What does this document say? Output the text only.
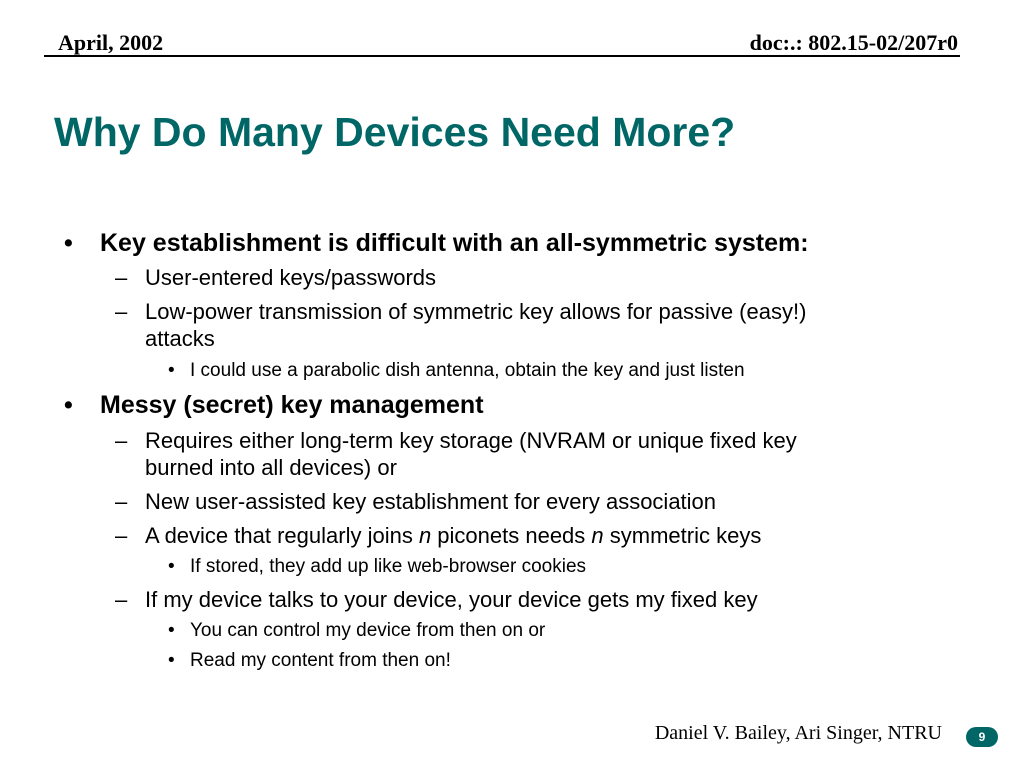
April, 2002	doc:.: 802.15-02/207r0
Why Do Many Devices Need More?
• Key establishment is difficult with an all-symmetric system:
– User-entered keys/passwords
– Low-power transmission of symmetric key allows for passive (easy!)
attacks
• I could use a parabolic dish antenna, obtain the key and just listen
• Messy (secret) key management
– Requires either long-term key storage (NVRAM or unique fixed key
burned into all devices) or
– New user-assisted key establishment for every association
– A device that regularly joins n piconets needs n symmetric keys
• If stored, they add up like web-browser cookies
– If my device talks to your device, your device gets my fixed key
• You can control my device from then on or
• Read my content from then on!
Daniel V. Bailey, Ari Singer, NTRU	9
